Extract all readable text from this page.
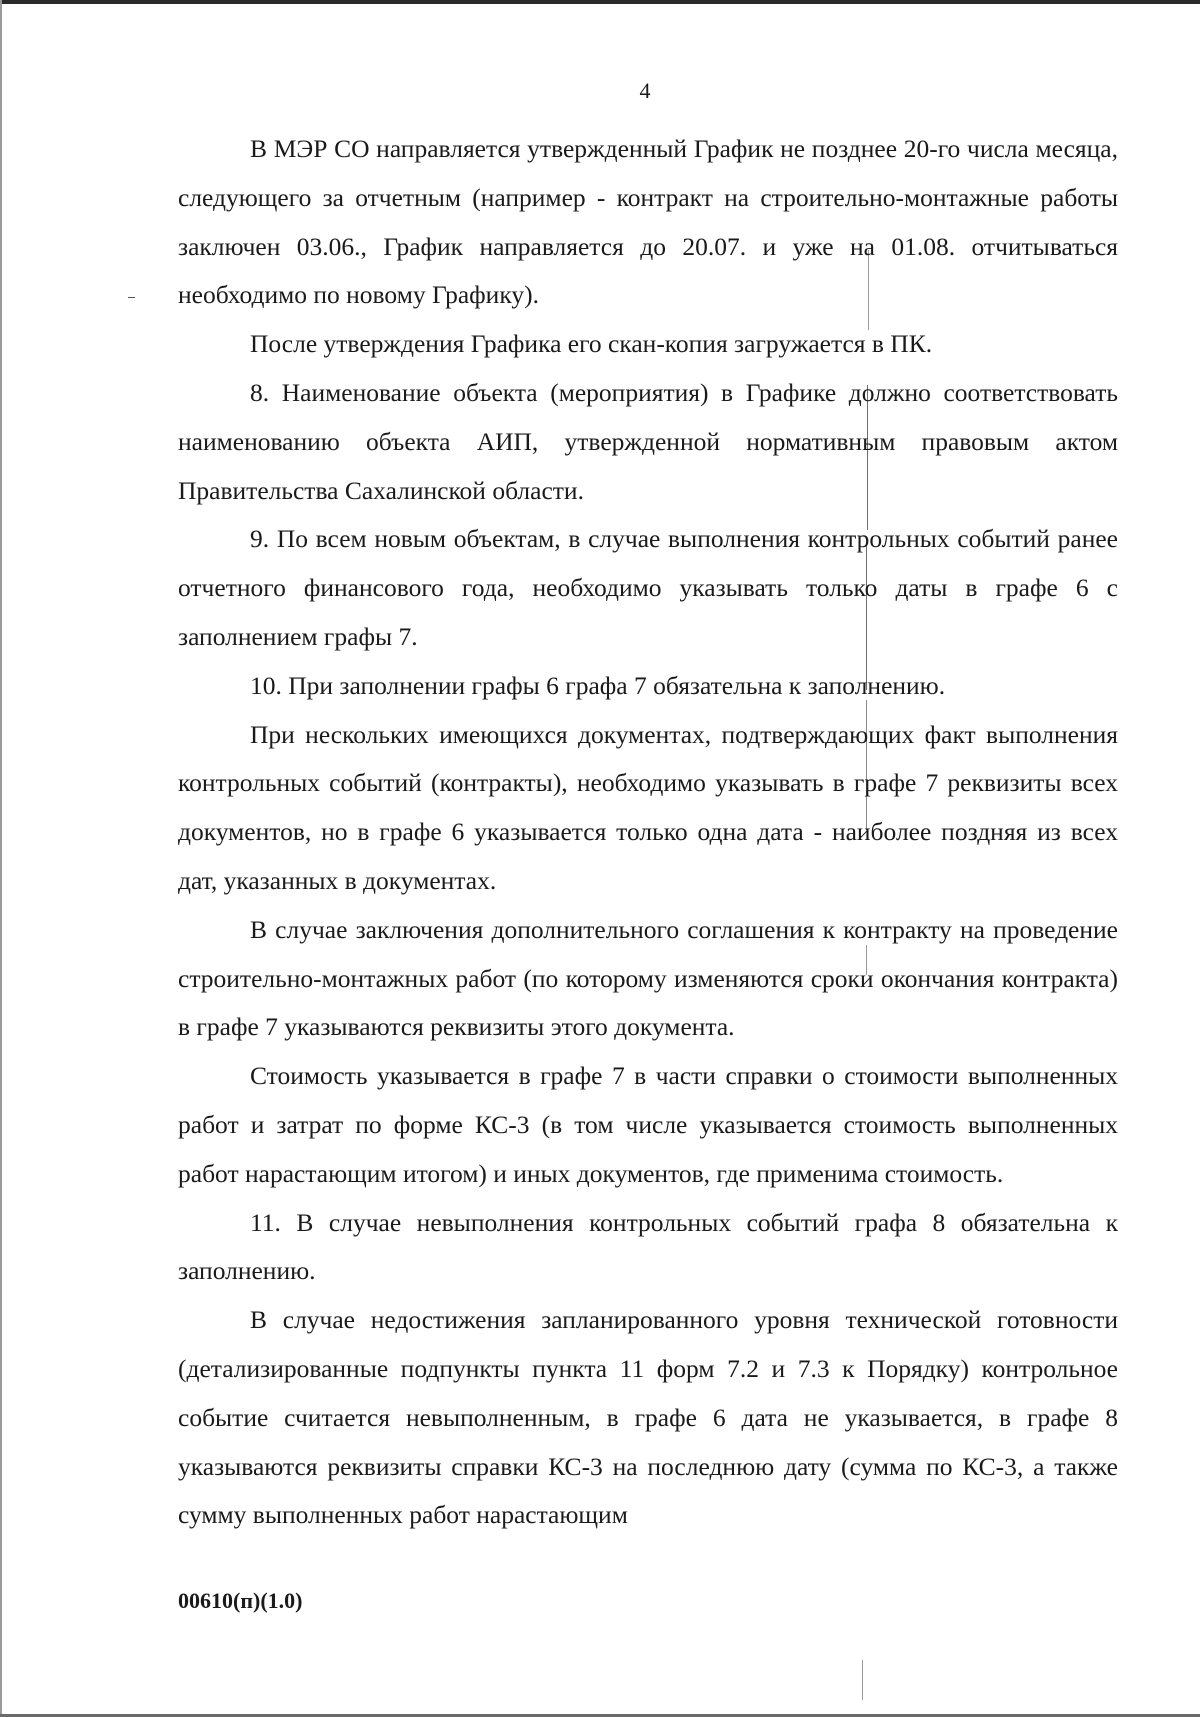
4

В МЭР СО направляется утвержденный График не позднее 20-го числа месяца, следующего за отчетным (например - контракт на строительно-монтажные работы заключен 03.06., График направляется до 20.07. и уже на 01.08. отчитываться необходимо по новому Графику).

После утверждения Графика его скан-копия загружается в ПК.

8. Наименование объекта (мероприятия) в Графике должно соответствовать наименованию объекта АИП, утвержденной нормативным правовым актом Правительства Сахалинской области.

9. По всем новым объектам, в случае выполнения контрольных событий ранее отчетного финансового года, необходимо указывать только даты в графе 6 с заполнением графы 7.

10. При заполнении графы 6 графа 7 обязательна к заполнению.

При нескольких имеющихся документах, подтверждающих факт выполнения контрольных событий (контракты), необходимо указывать в графе 7 реквизиты всех документов, но в графе 6 указывается только одна дата - наиболее поздняя из всех дат, указанных в документах.

В случае заключения дополнительного соглашения к контракту на проведение строительно-монтажных работ (по которому изменяются сроки окончания контракта) в графе 7 указываются реквизиты этого документа.

Стоимость указывается в графе 7 в части справки о стоимости выполненных работ и затрат по форме КС-3 (в том числе указывается стоимость выполненных работ нарастающим итогом) и иных документов, где применима стоимость.

11. В случае невыполнения контрольных событий графа 8 обязательна к заполнению.

В случае недостижения запланированного уровня технической готовности (детализированные подпункты пункта 11 форм 7.2 и 7.3 к Порядку) контрольное событие считается невыполненным, в графе 6 дата не указывается, в графе 8 указываются реквизиты справки КС-3 на последнюю дату (сумма по КС-3, а также сумму выполненных работ нарастающим

00610(п)(1.0)
